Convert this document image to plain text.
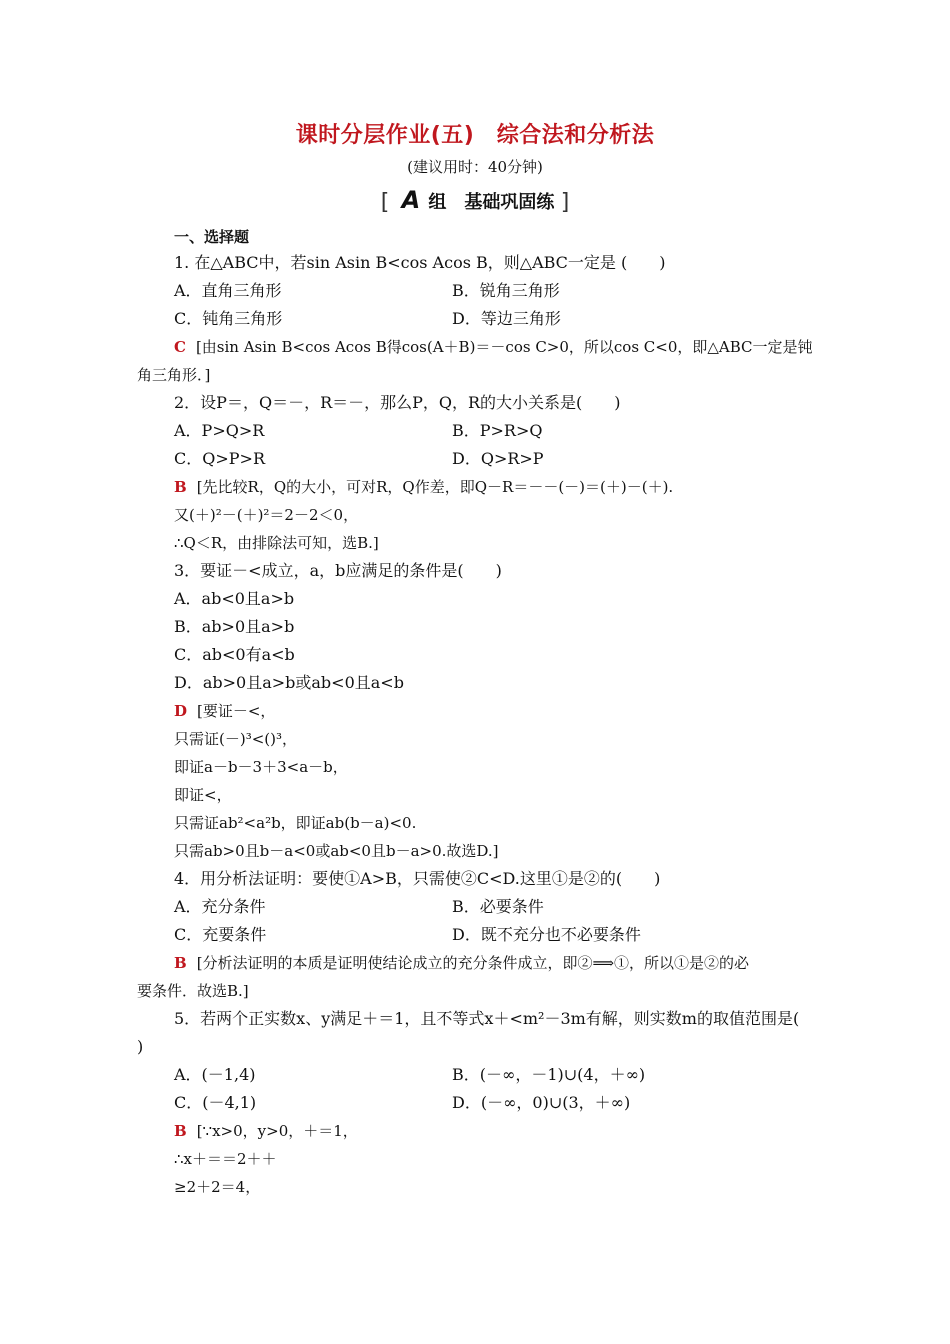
课时分层作业(五)　综合法和分析法
(建议用时：40分钟)
[ A 组　基础巩固练 ]
一、选择题
1. 在△ABC中，若sin Asin B<cos Acos B，则△ABC一定是 (　　)
A．直角三角形	B．锐角三角形
C．钝角三角形	D．等边三角形
C [由sin Asin B<cos Acos B得cos(A＋B)＝－cos C>0，所以cos C<0，即△ABC一定是钝
角三角形．]
2．设P＝，Q＝－，R＝－，那么P，Q，R的大小关系是(　　)
A．P>Q>R	B．P>R>Q
C．Q>P>R	D．Q>R>P
B [先比较R，Q的大小，可对R，Q作差，即Q－R＝－－(－)＝(＋)－(＋).
又(＋)²－(＋)²＝2－2＜0，
∴Q＜R，由排除法可知，选B.]
3．要证－<成立，a，b应满足的条件是(　　)
A．ab<0且a>b
B．ab>0且a>b
C．ab<0有a<b
D．ab>0且a>b或ab<0且a<b
D [要证－<，
只需证(－)³<()³，
即证a－b－3＋3<a－b，
即证<，
只需证ab²<a²b，即证ab(b－a)<0.
只需ab>0且b－a<0或ab<0且b－a>0.故选D.]
4．用分析法证明：要使①A>B，只需使②C<D.这里①是②的(　　)
A．充分条件	B．必要条件
C．充要条件	D．既不充分也不必要条件
B [分析法证明的本质是证明使结论成立的充分条件成立，即②⟹①，所以①是②的必
要条件．故选B.]
5．若两个正实数x、y满足＋＝1，且不等式x＋<m²－3m有解，则实数m的取值范围是(
)
A．(－1,4)	B．(－∞，－1)∪(4，＋∞)
C．(－4,1)	D．(－∞，0)∪(3，＋∞)
B [∵x>0，y>0，＋＝1，
∴x＋＝＝2＋＋
≥2＋2＝4，
